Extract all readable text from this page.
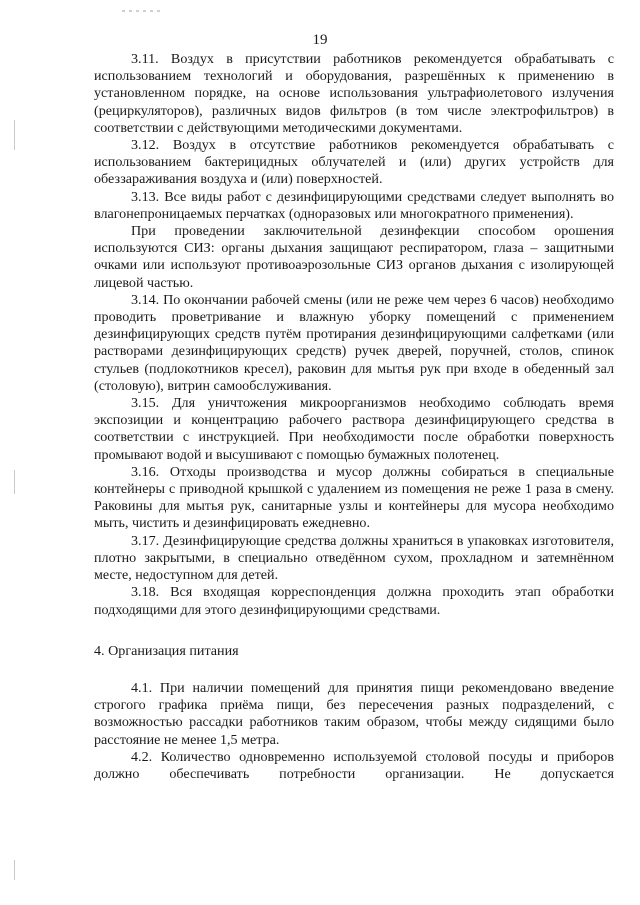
19

3.11. Воздух в присутствии работников рекомендуется обрабатывать с использованием технологий и оборудования, разрешённых к применению в установленном порядке, на основе использования ультрафиолетового излучения (рециркуляторов), различных видов фильтров (в том числе электрофильтров) в соответствии с действующими методическими документами.

3.12. Воздух в отсутствие работников рекомендуется обрабатывать с использованием бактерицидных облучателей и (или) других устройств для обеззараживания воздуха и (или) поверхностей.

3.13. Все виды работ с дезинфицирующими средствами следует выполнять во влагонепроницаемых перчатках (одноразовых или многократного применения).

При проведении заключительной дезинфекции способом орошения используются СИЗ: органы дыхания защищают респиратором, глаза – защитными очками или используют противоаэрозольные СИЗ органов дыхания с изолирующей лицевой частью.

3.14. По окончании рабочей смены (или не реже чем через 6 часов) необходимо проводить проветривание и влажную уборку помещений с применением дезинфицирующих средств путём протирания дезинфицирующими салфетками (или растворами дезинфицирующих средств) ручек дверей, поручней, столов, спинок стульев (подлокотников кресел), раковин для мытья рук при входе в обеденный зал (столовую), витрин самообслуживания.

3.15. Для уничтожения микроорганизмов необходимо соблюдать время экспозиции и концентрацию рабочего раствора дезинфицирующего средства в соответствии с инструкцией. При необходимости после обработки поверхность промывают водой и высушивают с помощью бумажных полотенец.

3.16. Отходы производства и мусор должны собираться в специальные контейнеры с приводной крышкой с удалением из помещения не реже 1 раза в смену. Раковины для мытья рук, санитарные узлы и контейнеры для мусора необходимо мыть, чистить и дезинфицировать ежедневно.

3.17. Дезинфицирующие средства должны храниться в упаковках изготовителя, плотно закрытыми, в специально отведённом сухом, прохладном и затемнённом месте, недоступном для детей.

3.18. Вся входящая корреспонденция должна проходить этап обработки подходящими для этого дезинфицирующими средствами.

4. Организация питания

4.1. При наличии помещений для принятия пищи рекомендовано введение строгого графика приёма пищи, без пересечения разных подразделений, с возможностью рассадки работников таким образом, чтобы между сидящими было расстояние не менее 1,5 метра.

4.2. Количество одновременно используемой столовой посуды и приборов должно обеспечивать потребности организации. Не допускается
